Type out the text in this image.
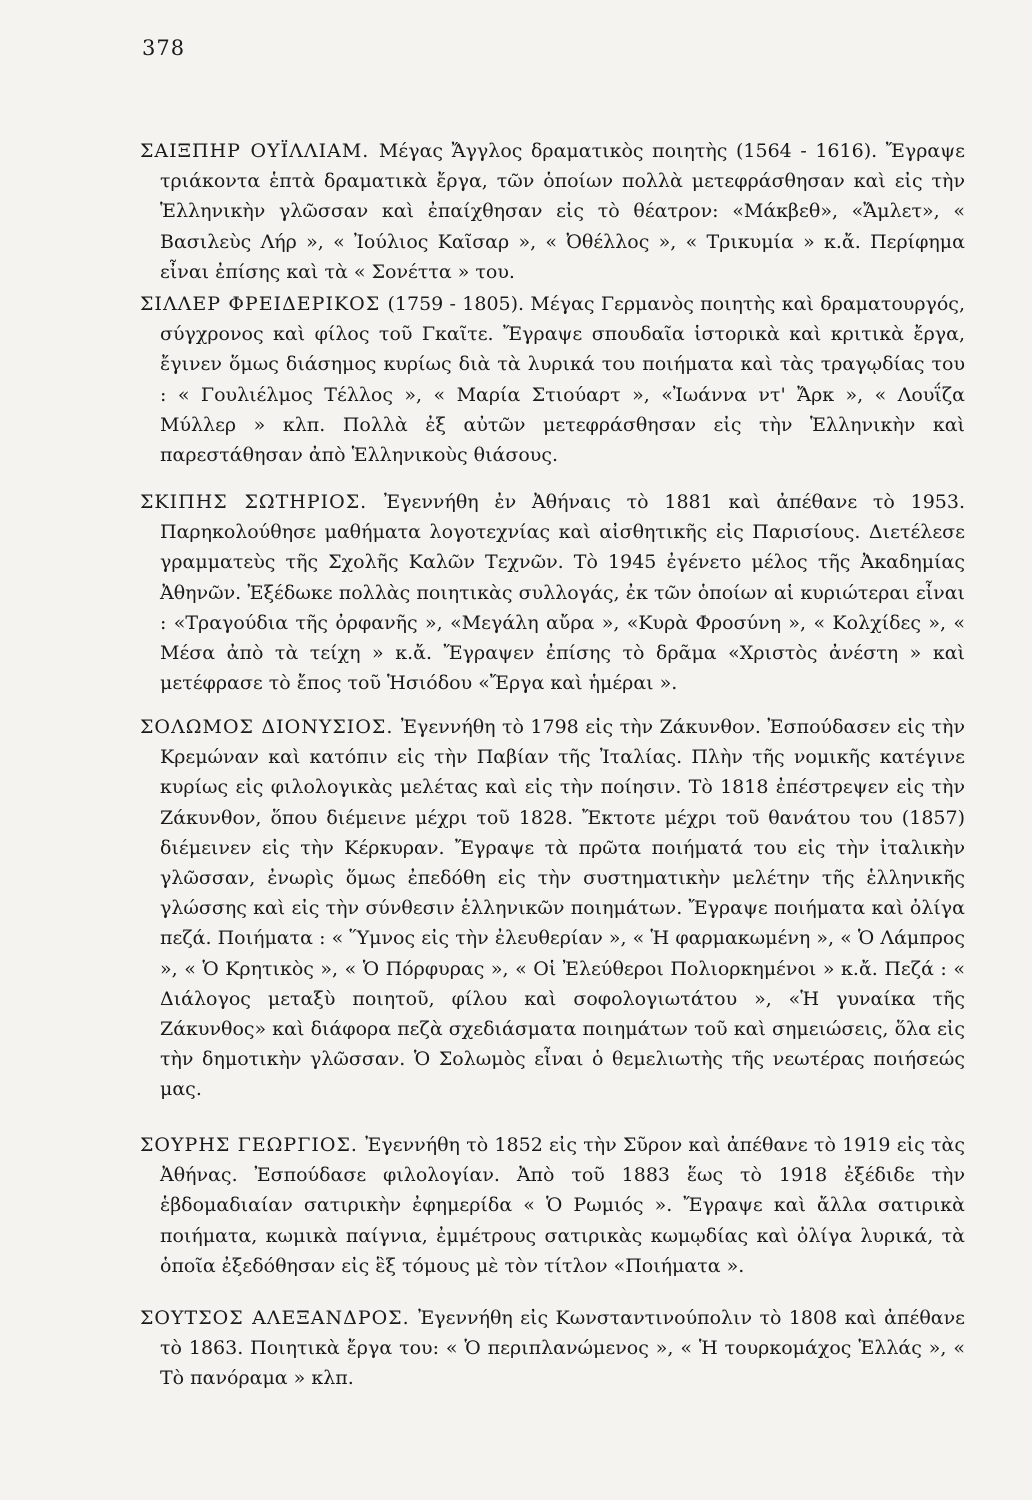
378
ΣΑΙΞΠΗΡ ΟΥΪΛΛΙΑΜ. Μέγας Ἄγγλος δραματικὸς ποιητὴς (1564 - 1616). Ἔγραψε τριάκοντα ἑπτὰ δραματικὰ ἔργα, τῶν ὁποίων πολλὰ μετεφράσθησαν καὶ εἰς τὴν Ἑλληνικὴν γλῶσσαν καὶ ἐπαίχθησαν εἰς τὸ θέατρον: «Μάκβεθ», «Ἄμλετ», « Βασιλεὺς Λήρ », « Ἰούλιος Καῖσαρ », « Ὀθέλλος », « Τρικυμία » κ.ἄ. Περίφημα εἶναι ἐπίσης καὶ τὰ « Σονέττα » του.
ΣΙΛΛΕΡ ΦΡΕΙΔΕΡΙΚΟΣ (1759 - 1805). Μέγας Γερμανὸς ποιητὴς καὶ δραματουργός, σύγχρονος καὶ φίλος τοῦ Γκαῖτε. Ἔγραψε σπουδαῖα ἱστορικὰ καὶ κριτικὰ ἔργα, ἔγινεν ὅμως διάσημος κυρίως διὰ τὰ λυρικά του ποιήματα καὶ τὰς τραγῳδίας του : « Γουλιέλμος Τέλλος », « Μαρία Στιούαρτ », «Ἰωάννα ντ' Ἄρκ », « Λουΐζα Μύλλερ » κλπ. Πολλὰ ἐξ αὐτῶν μετεφράσθησαν εἰς τὴν Ἑλληνικὴν καὶ παρεστάθησαν ἀπὸ Ἑλληνικοὺς θιάσους.
ΣΚΙΠΗΣ ΣΩΤΗΡΙΟΣ. Ἐγεννήθη ἐν Ἀθήναις τὸ 1881 καὶ ἀπέθανε τὸ 1953. Παρηκολούθησε μαθήματα λογοτεχνίας καὶ αἰσθητικῆς εἰς Παρισίους. Διετέλεσε γραμματεὺς τῆς Σχολῆς Καλῶν Τεχνῶν. Τὸ 1945 ἐγένετο μέλος τῆς Ἀκαδημίας Ἀθηνῶν. Ἐξέδωκε πολλὰς ποιητικὰς συλλογάς, ἐκ τῶν ὁποίων αἱ κυριώτεραι εἶναι : «Τραγούδια τῆς ὀρφανῆς », «Μεγάλη αὔρα », «Κυρὰ Φροσύνη », « Κολχίδες », « Μέσα ἀπὸ τὰ τείχη » κ.ἄ. Ἔγραψεν ἐπίσης τὸ δρᾶμα «Χριστὸς ἀνέστη » καὶ μετέφρασε τὸ ἔπος τοῦ Ἡσιόδου «Ἔργα καὶ ἡμέραι ».
ΣΟΛΩΜΟΣ ΔΙΟΝΥΣΙΟΣ. Ἐγεννήθη τὸ 1798 εἰς τὴν Ζάκυνθον. Ἐσπούδασεν εἰς τὴν Κρεμώναν καὶ κατόπιν εἰς τὴν Παβίαν τῆς Ἰταλίας. Πλὴν τῆς νομικῆς κατέγινε κυρίως εἰς φιλολογικὰς μελέτας καὶ εἰς τὴν ποίησιν. Τὸ 1818 ἐπέστρεψεν εἰς τὴν Ζάκυνθον, ὅπου διέμεινε μέχρι τοῦ 1828. Ἔκτοτε μέχρι τοῦ θανάτου του (1857) διέμεινεν εἰς τὴν Κέρκυραν. Ἔγραψε τὰ πρῶτα ποιήματά του εἰς τὴν ἰταλικὴν γλῶσσαν, ἐνωρὶς ὅμως ἐπεδόθη εἰς τὴν συστηματικὴν μελέτην τῆς ἑλληνικῆς γλώσσης καὶ εἰς τὴν σύνθεσιν ἑλληνικῶν ποιημάτων. Ἔγραψε ποιήματα καὶ ὀλίγα πεζά. Ποιήματα : « Ὕμνος εἰς τὴν ἐλευθερίαν », « Ἡ φαρμακωμένη », « Ὁ Λάμπρος », « Ὁ Κρητικὸς », « Ὁ Πόρφυρας », « Οἱ Ἐλεύθεροι Πολιορκημένοι » κ.ἄ. Πεζά : « Διάλογος μεταξὺ ποιητοῦ, φίλου καὶ σοφολογιωτάτου », «Ἡ γυναίκα τῆς Ζάκυνθος» καὶ διάφορα πεζὰ σχεδιάσματα ποιημάτων τοῦ καὶ σημειώσεις, ὅλα εἰς τὴν δημοτικὴν γλῶσσαν. Ὁ Σολωμὸς εἶναι ὁ θεμελιωτὴς τῆς νεωτέρας ποιήσεώς μας.
ΣΟΥΡΗΣ ΓΕΩΡΓΙΟΣ. Ἐγεννήθη τὸ 1852 εἰς τὴν Σῦρον καὶ ἀπέθανε τὸ 1919 εἰς τὰς Ἀθήνας. Ἐσπούδασε φιλολογίαν. Ἀπὸ τοῦ 1883 ἕως τὸ 1918 ἐξέδιδε τὴν ἑβδομαδιαίαν σατιρικὴν ἐφημερίδα « Ὁ Ρωμιός ». Ἔγραψε καὶ ἄλλα σατιρικὰ ποιήματα, κωμικὰ παίγνια, ἐμμέτρους σατιρικὰς κωμῳδίας καὶ ὀλίγα λυρικά, τὰ ὁποῖα ἐξεδόθησαν εἰς ἓξ τόμους μὲ τὸν τίτλον «Ποιήματα ».
ΣΟΥΤΣΟΣ ΑΛΕΞΑΝΔΡΟΣ. Ἐγεννήθη εἰς Κωνσταντινούπολιν τὸ 1808 καὶ ἀπέθανε τὸ 1863. Ποιητικὰ ἔργα του: « Ὁ περιπλανώμενος », « Ἡ τουρκομάχος Ἑλλάς », « Τὸ πανόραμα » κλπ.
